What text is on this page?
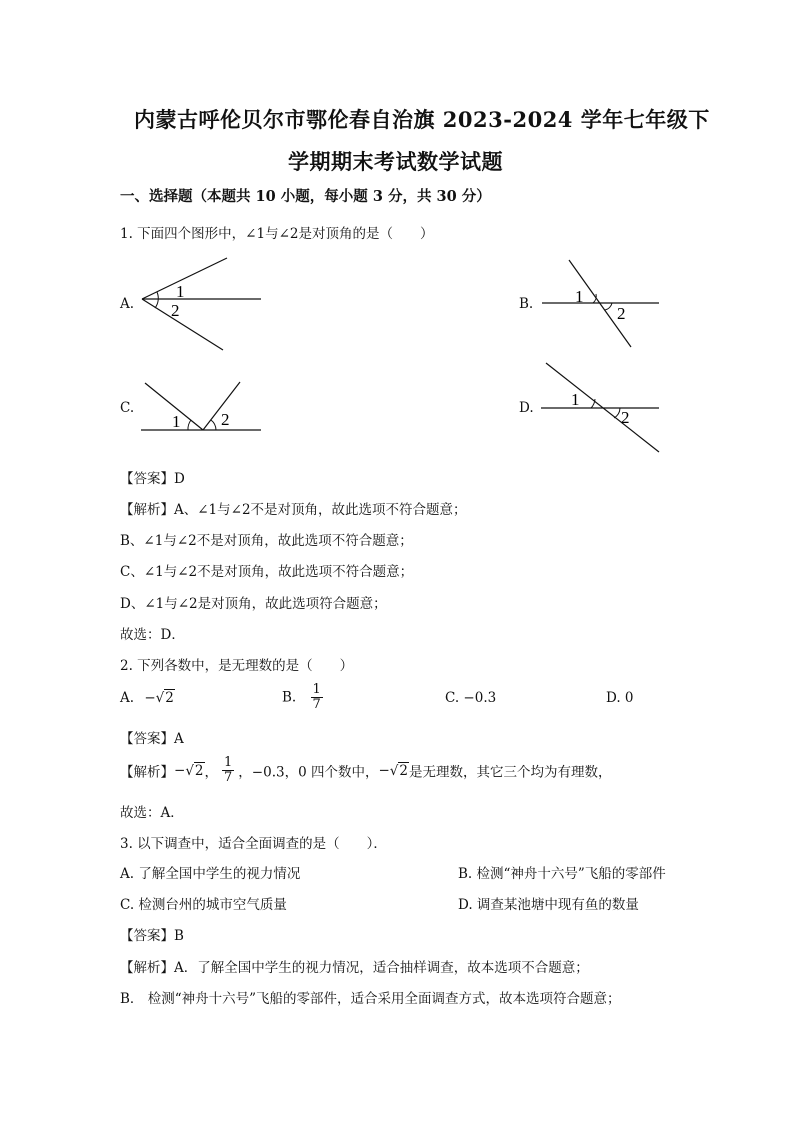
内蒙古呼伦贝尔市鄂伦春自治旗 2023-2024 学年七年级下
学期期末考试数学试题
一、选择题（本题共 10 小题，每小题 3 分，共 30 分）
1. 下面四个图形中，∠1与∠2是对顶角的是（　　）
A.
1
2	B. 1
2
C.
1 2
D. 1
2
【答案】D
【解析】A、∠1与∠2不是对顶角，故此选项不符合题意；
B、∠1与∠2不是对顶角，故此选项不符合题意；
C、∠1与∠2不是对顶角，故此选项不符合题意；
D、∠1与∠2是对顶角，故此选项符合题意；
故选：D．
2. 下列各数中，是无理数的是（　　）
A. −√2	B. $\frac{1}{7}$	C. −0.3	D. 0
【答案】A
【解析】−√2， $\frac{1}{7}$ ，−0.3，0 四个数中，−√2是无理数，其它三个均为有理数，
故选：A．
3. 以下调查中，适合全面调查的是（　　）．
A. 了解全国中学生的视力情况	B. 检测“神舟十六号”飞船的零部件
C. 检测台州的城市空气质量	D. 调查某池塘中现有鱼的数量
【答案】B
【解析】A．了解全国中学生的视力情况，适合抽样调查，故本选项不合题意；
B． 检测“神舟十六号”飞船的零部件，适合采用全面调查方式，故本选项符合题意；
